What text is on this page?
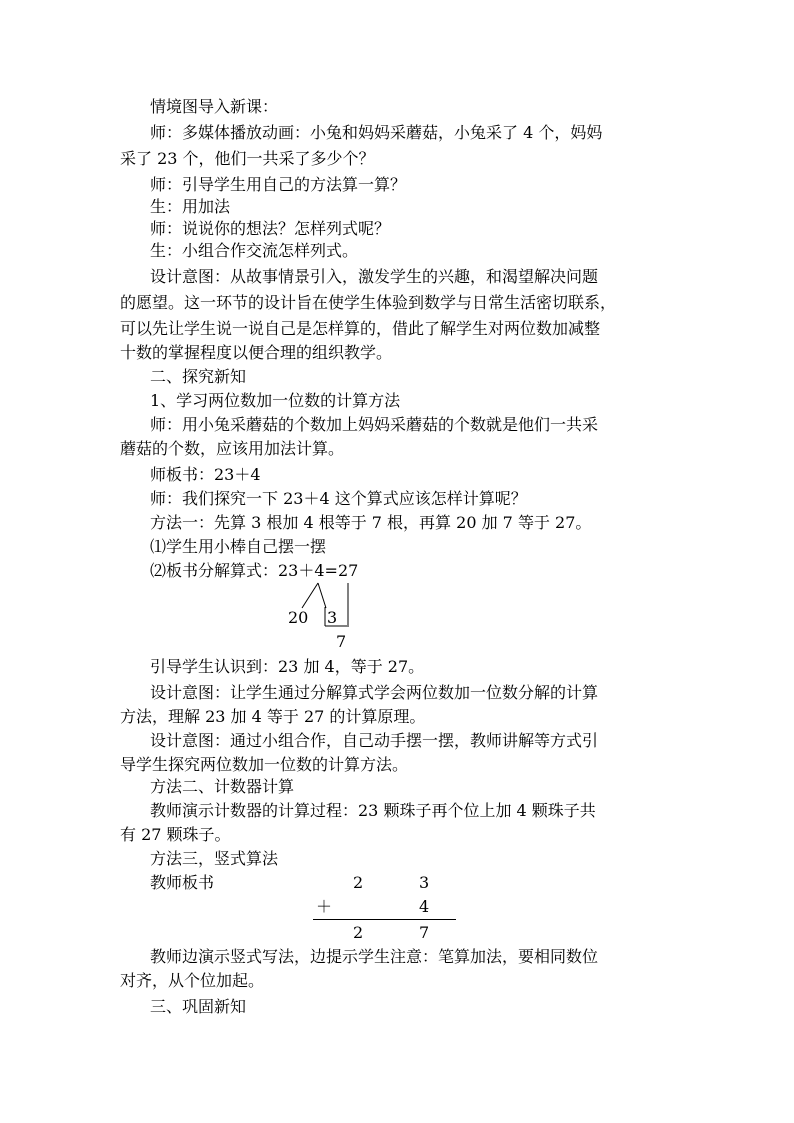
情境图导入新课：
师：多媒体播放动画：小兔和妈妈采蘑菇，小兔采了 4 个，妈妈
采了 23 个，他们一共采了多少个？
师：引导学生用自己的方法算一算？
生：用加法
师：说说你的想法？怎样列式呢？
生：小组合作交流怎样列式。
设计意图：从故事情景引入，激发学生的兴趣，和渴望解决问题
的愿望。这一环节的设计旨在使学生体验到数学与日常生活密切联系，
可以先让学生说一说自己是怎样算的，借此了解学生对两位数加减整
十数的掌握程度以便合理的组织教学。
二、探究新知
1、学习两位数加一位数的计算方法
师：用小兔采蘑菇的个数加上妈妈采蘑菇的个数就是他们一共采
蘑菇的个数，应该用加法计算。
师板书：23＋4
师：我们探究一下 23＋4 这个算式应该怎样计算呢？
方法一：先算 3 根加 4 根等于 7 根，再算 20 加 7 等于 27。
⑴学生用小棒自己摆一摆
⑵板书分解算式：23＋4=27
20 3
7
引导学生认识到：23 加 4，等于 27。
设计意图：让学生通过分解算式学会两位数加一位数分解的计算
方法，理解 23 加 4 等于 27 的计算原理。
设计意图：通过小组合作，自己动手摆一摆，教师讲解等方式引
导学生探究两位数加一位数的计算方法。
方法二、计数器计算
教师演示计数器的计算过程：23 颗珠子再个位上加 4 颗珠子共
有 27 颗珠子。
方法三，竖式算法
教师板书	2	3
＋	4
2	7
教师边演示竖式写法，边提示学生注意：笔算加法，要相同数位
对齐，从个位加起。
三、巩固新知
